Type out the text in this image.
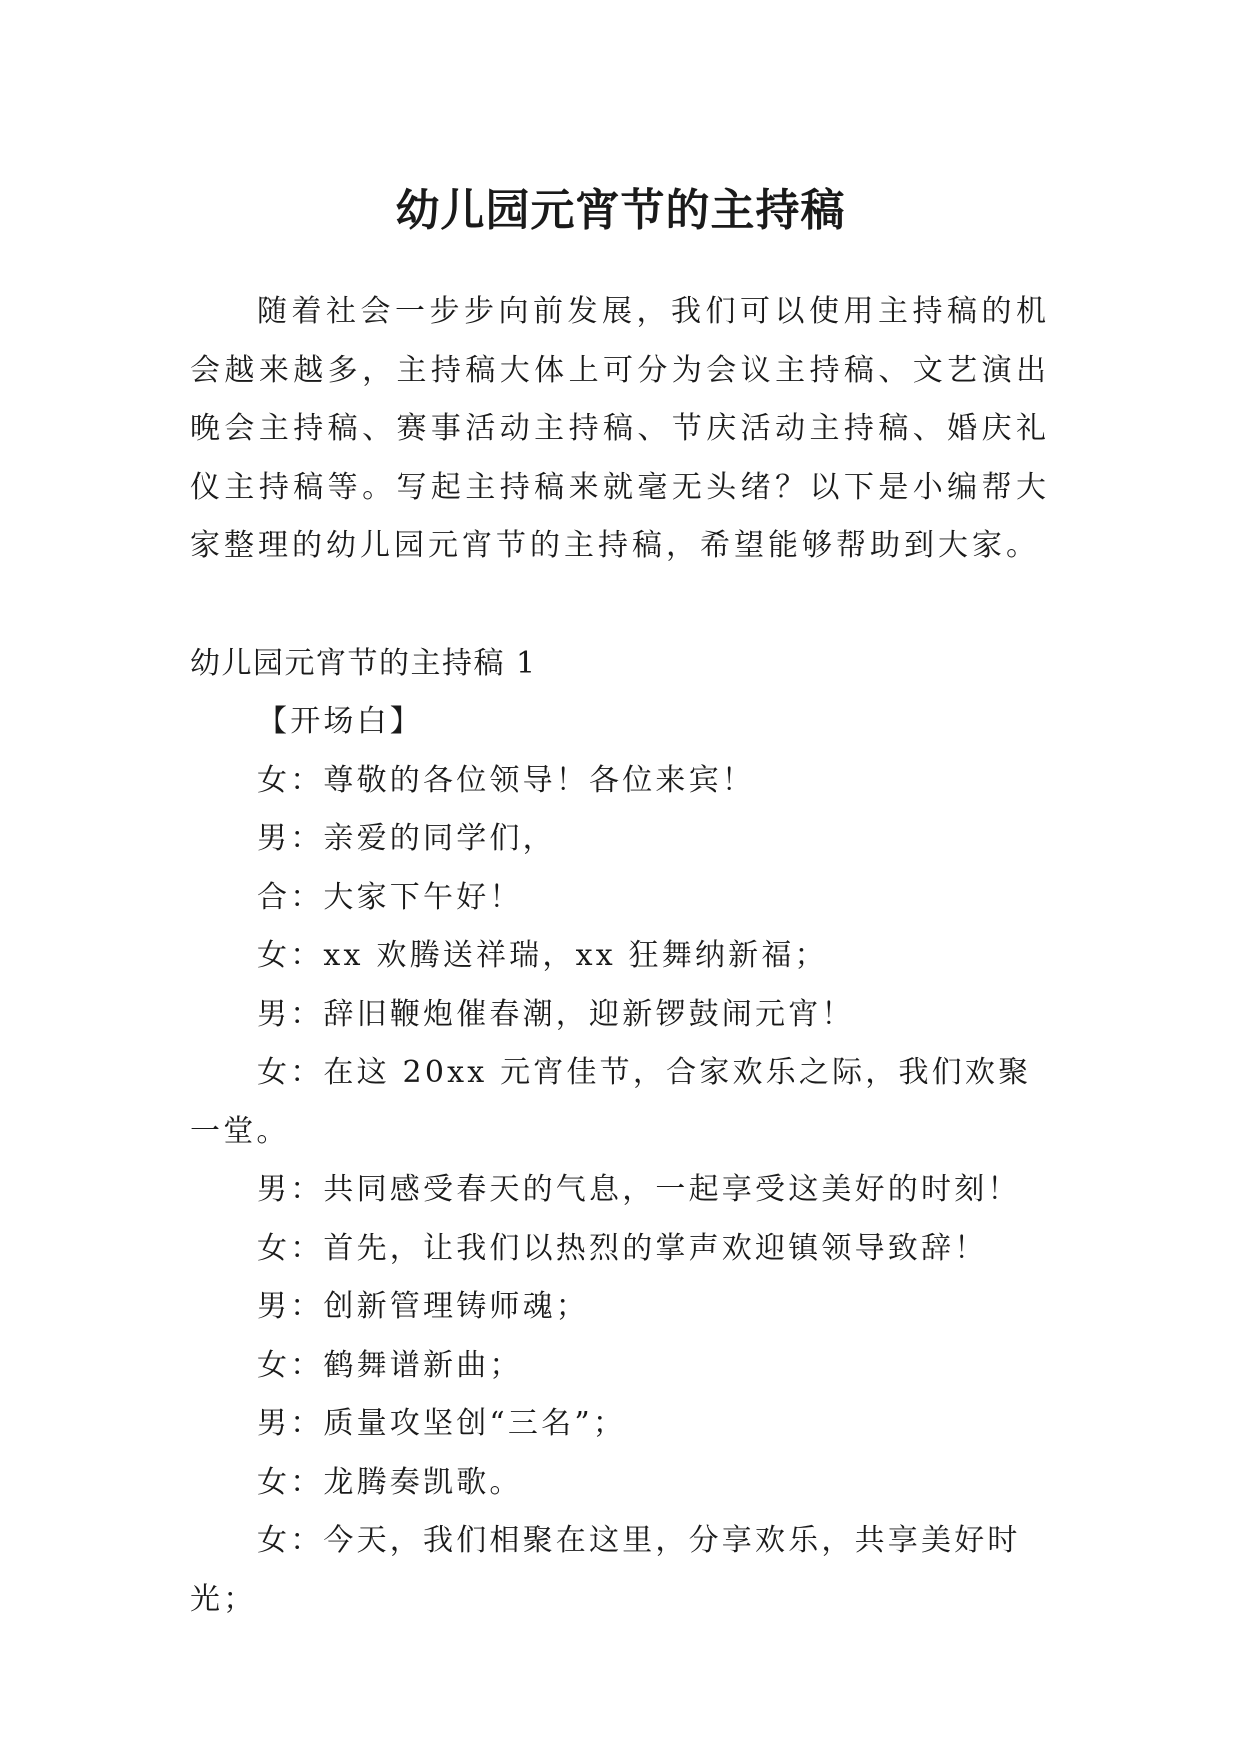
幼儿园元宵节的主持稿

随着社会一步步向前发展，我们可以使用主持稿的机会越来越多，主持稿大体上可分为会议主持稿、文艺演出晚会主持稿、赛事活动主持稿、节庆活动主持稿、婚庆礼仪主持稿等。写起主持稿来就毫无头绪？以下是小编帮大家整理的幼儿园元宵节的主持稿，希望能够帮助到大家。

幼儿园元宵节的主持稿 1
【开场白】
女：尊敬的各位领导！各位来宾！
男：亲爱的同学们，
合：大家下午好！
女：xx 欢腾送祥瑞，xx 狂舞纳新福；
男：辞旧鞭炮催春潮，迎新锣鼓闹元宵！
女：在这 20xx 元宵佳节，合家欢乐之际，我们欢聚一堂。
男：共同感受春天的气息，一起享受这美好的时刻！
女：首先，让我们以热烈的掌声欢迎镇领导致辞！
男：创新管理铸师魂；
女：鹤舞谱新曲；
男：质量攻坚创“三名”；
女：龙腾奏凯歌。
女：今天，我们相聚在这里，分享欢乐，共享美好时光；
